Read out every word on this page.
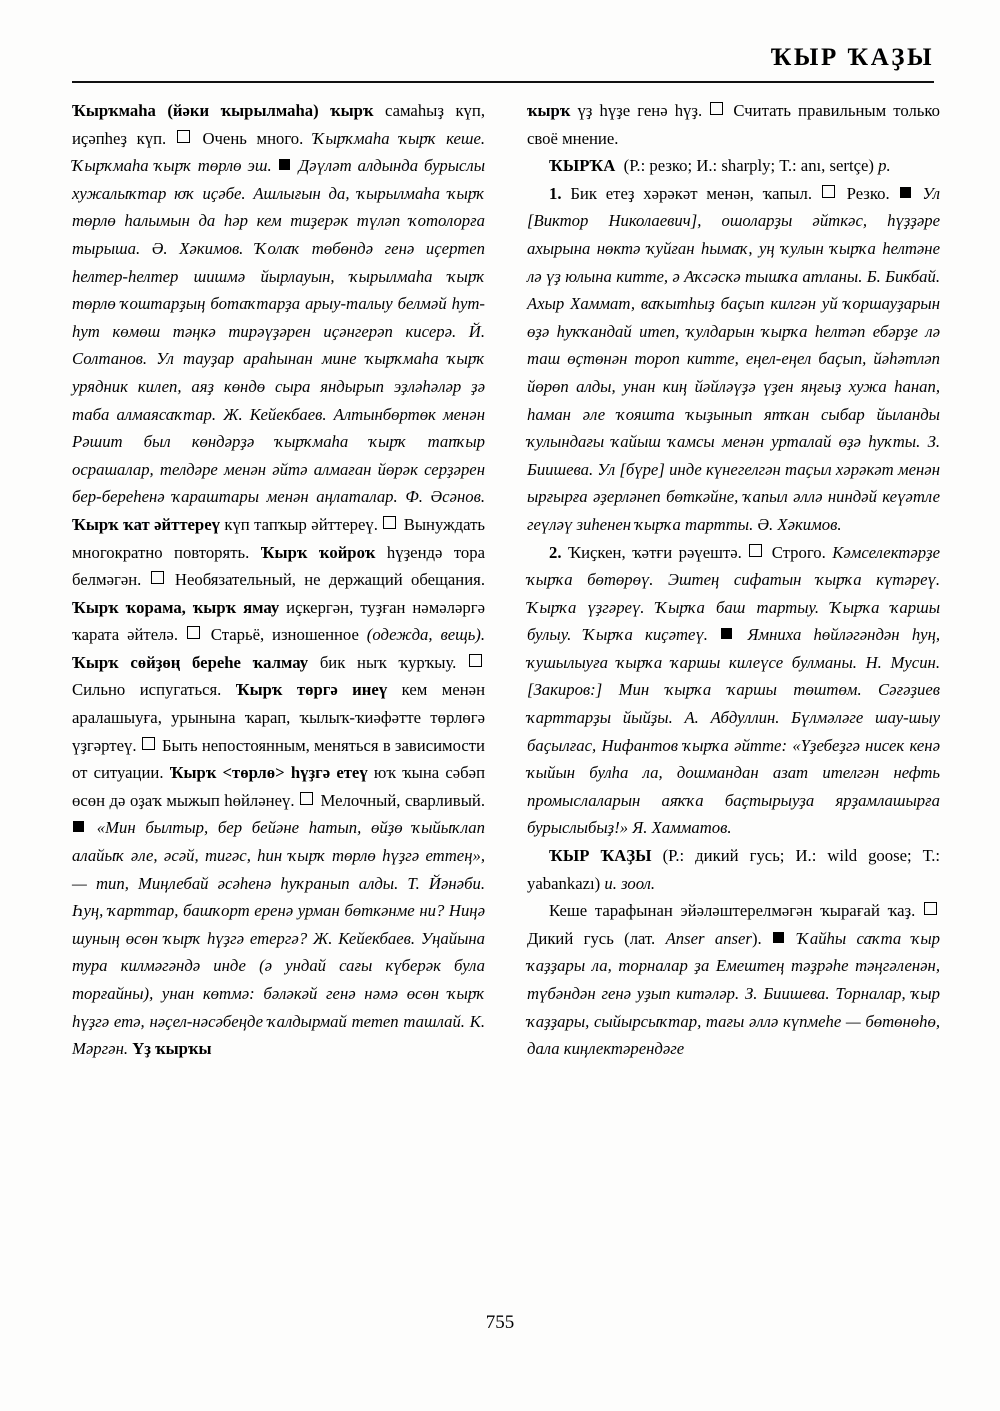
ҠЫР ҠАҘЫ

Ҡырҡмаһа (йәки ҡырылмаһа) ҡырҡ самаһыҙ күп, иҫәпһеҙ күп. Очень много. Ҡырҡмаһа ҡырҡ кеше. Ҡырҡмаһа ҡырҡ төрлө эш. Дәүләт алдында бурыслы хужалыҡтар юҡ иҫәбе. Ашлығын да, ҡырылмаһа ҡырҡ төрлө һалымын да һәр кем тиҙерәк түләп ҡотолорға тырыша. Ә. Хәкимов. Ҡолаҡ төбөндә генә иҫертеп һелтер-һелтер шишмә йырлауын, ҡырылмаһа ҡырҡ төрлө ҡоштарҙың ботаҡтарҙа арыу-талыу белмәй һут-һут көмөш тәңкә тирәүҙәрен иҫәнгерәп кисерә. Й. Солтанов. Ул тауҙар араһынан мине ҡырҡмаһа ҡырҡ урядник килеп, аяҙ көндө сыра яндырып эҙләһәләр ҙә таба алмаясаҡтар. Ж. Кейекбаев. Алтынбөртөк менән Рәшит был көндәрҙә ҡырҡмаһа ҡырҡ тапҡыр осрашалар, телдәре менән әйтә алмаған йөрәк серҙәрен бер-береһенә ҡараштары менән аңлаталар. Ф. Әсәнов. Ҡырҡ ҡат әйттереү күп тапҡыр әйттереү. Вынуждать многократно повторять. Ҡырҡ ҡойроҡ һүҙендә тора белмәгән. Необязательный, не держащий обещания. Ҡырҡ ҡорама, ҡырҡ ямау иҫкергән, туҙған нәмәләргә ҡарата әйтелә. Старьё, изношенное (одежда, вещь). Ҡырҡ сөйҙөң береһе ҡалмау бик ныҡ ҡурҡыу.  Сильно испугаться. Ҡырҡ төргә инеү кем менән аралашыуға, урынына ҡарап, ҡылыҡ-ҡиәфәтте төрлөгә үҙгәртеү. Быть непостоянным, меняться в зависимости от ситуации. Ҡырҡ <төрлө> һүҙгә етеү юҡ ҡына сәбәп өсөн дә оҙаҡ мыжып һөйләнеү. Мелочный, сварливый.  «Мин былтыр, бер бейәне һатып, өйҙө ҡыйыҡлап алайыҡ әле, әсәй, тигәс, һин ҡырҡ төрлө һүҙгә еттең», — тип, Миңлебай әсәһенә һуҡранып алды. Т. Йәнәби. Һуң, ҡарттар, башҡорт еренә урман бөткәнме ни? Ниңә шуның өсөн ҡырҡ һүҙгә етергә? Ж. Кейекбаев. Уңайына тура килмәгәндә инде (ә ундай сағы күберәк була торғайны), унан көтмә: бәләкәй генә нәмә өсөн ҡырҡ һүҙгә етә, нәҫел-нәсәбеңде ҡалдырмай тетеп ташлай. К. Мәргән. Үҙ ҡырҡы

ҡырҡ үҙ һүҙе генә һүҙ. Считать правильным только своё мнение.

ҠЫРҠА (Р.: резко; И.: sharply; Т.: anı, sertçe) р.

1. Бик етеҙ хәрәкәт менән, ҡапыл. Резко. Ул [Виктор Николаевич], ошоларҙы әйткәс, һүҙҙәре ахырына нөктә ҡуйған һымаҡ, уң ҡулын ҡырҡа һелтәне лә үҙ юлына китте, ә Аҡсәскә тышҡа атланы. Б. Бикбай. Ахыр Хаммат, ваҡытһыҙ баҫып килгән уй ҡоршауҙарын өҙә һуҡҡандай итеп, ҡулдарын ҡырҡа һелтәп ебәрҙе лә таш өҫтөнән тороп китте, еңел-еңел баҫып, йәһәтләп йөрөп алды, унан киң йәйләүҙә үҙен яңғыҙ хужа һанап, һаман әле ҡояшта ҡыҙынып ятҡан сыбар йыланды ҡулындағы ҡайыш ҡамсы менән урталай өҙә һуҡты. З. Биишева. Ул [бүре] инде күнегелгән таҫыл хәрәкәт менән ырғырға әҙерләнеп бөткәйне, ҡапыл әллә ниндәй кеүәтле геүләү зиһенен ҡырҡа тартты. Ә. Хәкимов.

2. Ҡиҫкен, ҡәтғи рәүештә. Строго. Кәмселектәрҙе ҡырҡа бөтөрөү. Эштең сифатын ҡырҡа күтәреү. Ҡырҡа үҙгәреү. Ҡырҡа баш тартыу. Ҡырҡа ҡаршы булыу. Ҡырҡа киҫәтеү. Ямниха һөйләгәндән һуң, ҡушылыуға ҡырҡа ҡаршы килеүсе булманы. Н. Мусин. [Закиров:] Мин ҡырҡа ҡаршы төштөм. Сәғәҙиев ҡарттарҙы йыйҙы. А. Абдуллин. Бүлмәләге шау-шыу баҫылғас, Нифантов ҡырҡа әйтте: «Үҙебеҙгә нисек кенә ҡыйын булһа ла, дошмандан азат ителгән нефть промыслаларын аяҡҡа баҫтырыуҙа ярҙамлашырға бурыслыбыҙ!» Я. Хамматов.

ҠЫР ҠАҘЫ (Р.: дикий гусь; И.: wild goose; Т.: yabankazı) и. зоол.

Кеше тарафынан эйәләштерелмәгән ҡырағай ҡаҙ.  Дикий гусь (лат. Anser anser). Ҡайһы саҡта ҡыр ҡаҙҙары ла, торналар ҙа Емештең тәҙрәһе тәңгәленән, түбәндән генә уҙып китәләр. З. Биишева. Торналар, ҡыр ҡаҙҙары, сыйырсыҡтар, тағы әллә күпмеһе — бөтөнөһө, дала киңлектәрендәге

755
